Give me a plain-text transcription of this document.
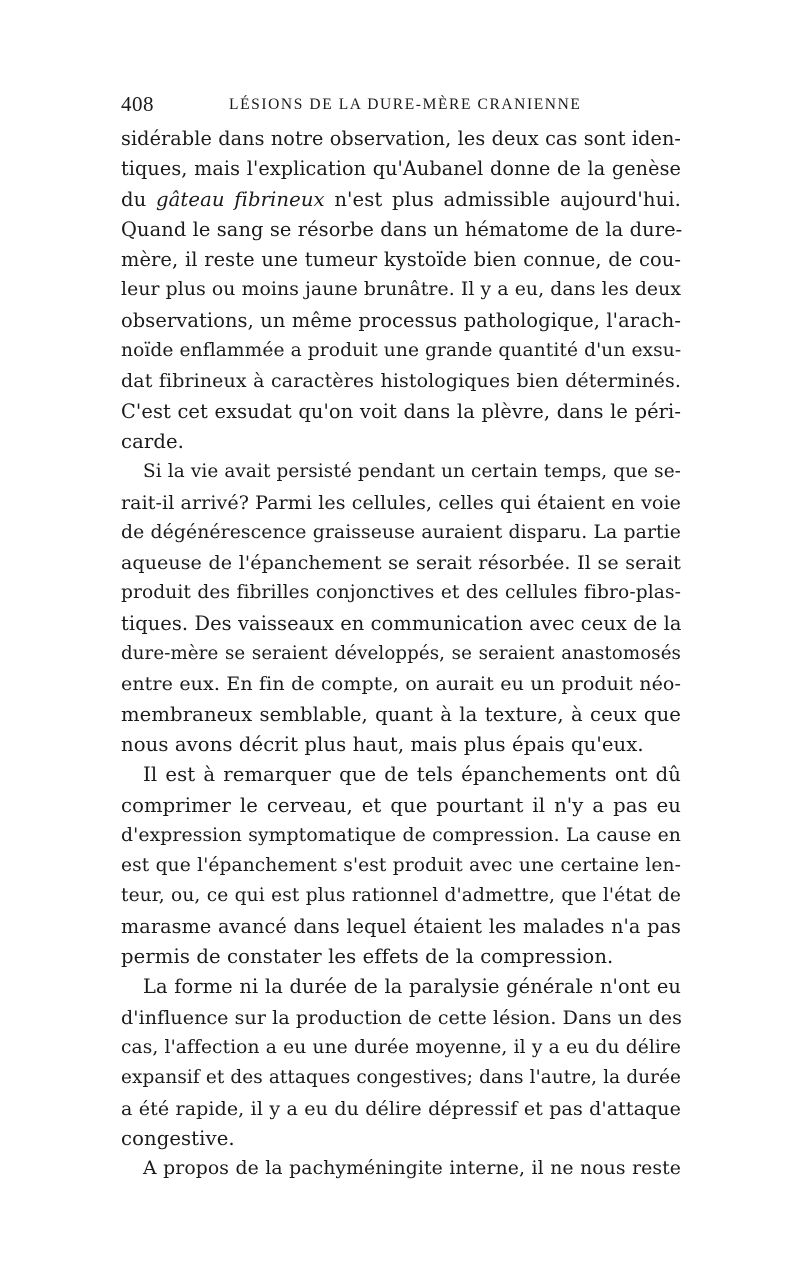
408	LÉSIONS DE LA DURE-MÈRE CRANIENNE
sidérable dans notre observation, les deux cas sont iden-
tiques, mais l'explication qu'Aubanel donne de la genèse
du gâteau fibrineux n'est plus admissible aujourd'hui.
Quand le sang se résorbe dans un hématome de la dure-
mère, il reste une tumeur kystoïde bien connue, de cou-
leur plus ou moins jaune brunâtre. Il y a eu, dans les deux
observations, un même processus pathologique, l'arach-
noïde enflammée a produit une grande quantité d'un exsu-
dat fibrineux à caractères histologiques bien déterminés.
C'est cet exsudat qu'on voit dans la plèvre, dans le péri-
carde.
Si la vie avait persisté pendant un certain temps, que se-
rait-il arrivé? Parmi les cellules, celles qui étaient en voie
de dégénérescence graisseuse auraient disparu. La partie
aqueuse de l'épanchement se serait résorbée. Il se serait
produit des fibrilles conjonctives et des cellules fibro-plas-
tiques. Des vaisseaux en communication avec ceux de la
dure-mère se seraient développés, se seraient anastomosés
entre eux. En fin de compte, on aurait eu un produit néo-
membraneux semblable, quant à la texture, à ceux que
nous avons décrit plus haut, mais plus épais qu'eux.
Il est à remarquer que de tels épanchements ont dû
comprimer le cerveau, et que pourtant il n'y a pas eu
d'expression symptomatique de compression. La cause en
est que l'épanchement s'est produit avec une certaine len-
teur, ou, ce qui est plus rationnel d'admettre, que l'état de
marasme avancé dans lequel étaient les malades n'a pas
permis de constater les effets de la compression.
La forme ni la durée de la paralysie générale n'ont eu
d'influence sur la production de cette lésion. Dans un des
cas, l'affection a eu une durée moyenne, il y a eu du délire
expansif et des attaques congestives; dans l'autre, la durée
a été rapide, il y a eu du délire dépressif et pas d'attaque
congestive.
A propos de la pachyméningite interne, il ne nous reste
